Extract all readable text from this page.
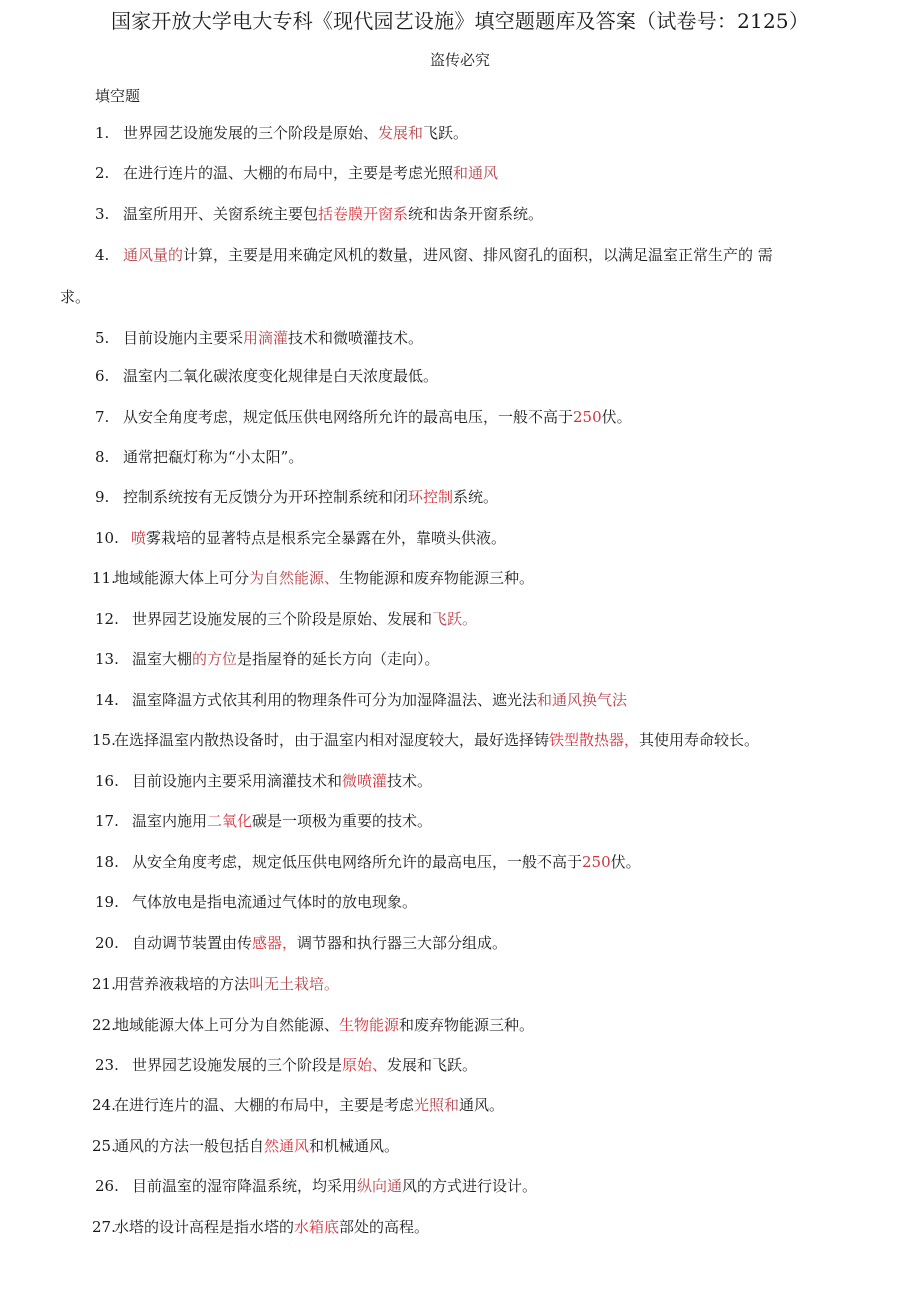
国家开放大学电大专科《现代园艺设施》填空题题库及答案（试卷号：2125）
盗传必究
填空题
1. 世界园艺设施发展的三个阶段是原始、发展和飞跃。
2. 在进行连片的温、大棚的布局中，主要是考虑光照和通风
3. 温室所用开、关窗系统主要包括卷膜开窗系统和齿条开窗系统。
4. 通风量的计算，主要是用来确定风机的数量，进风窗、排风窗孔的面积，以满足温室正常生产的 需
求。
5. 目前设施内主要采用滴灌技术和微喷灌技术。
6. 温室内二氧化碳浓度变化规律是白天浓度最低。
7. 从安全角度考虑，规定低压供电网络所允许的最高电压，一般不高于250伏。
8. 通常把瓻灯称为“小太阳”。
9. 控制系统按有无反馈分为开环控制系统和闭环控制系统。
10. 喷雾栽培的显著特点是根系完全暴露在外，靠喷头供液。
11.地域能源大体上可分为自然能源、生物能源和废弃物能源三种。
12. 世界园艺设施发展的三个阶段是原始、发展和飞跃。
13. 温室大棚的方位是指屋脊的延长方向（走向）。
14. 温室降温方式依其利用的物理条件可分为加湿降温法、遮光法和通风换气法
15.在选择温室内散热设备时，由于温室内相对湿度较大，最好选择铸铁型散热器，其使用寿命较长。
16. 目前设施内主要采用滴灌技术和微喷灌技术。
17. 温室内施用二氧化碳是一项极为重要的技术。
18. 从安全角度考虑，规定低压供电网络所允许的最高电压，一般不高于250伏。
19. 气体放电是指电流通过气体时的放电现象。
20. 自动调节装置由传感器，调节器和执行器三大部分组成。
21.用营养液栽培的方法叫无土栽培。
22.地域能源大体上可分为自然能源、生物能源和废弃物能源三种。
23. 世界园艺设施发展的三个阶段是原始、发展和飞跃。
24.在进行连片的温、大棚的布局中，主要是考虑光照和通风。
25.通风的方法一般包括自然通风和机械通风。
26. 目前温室的湿帘降温系统，均采用纵向通风的方式进行设计。
27.水塔的设计高程是指水塔的水箱底部处的高程。
